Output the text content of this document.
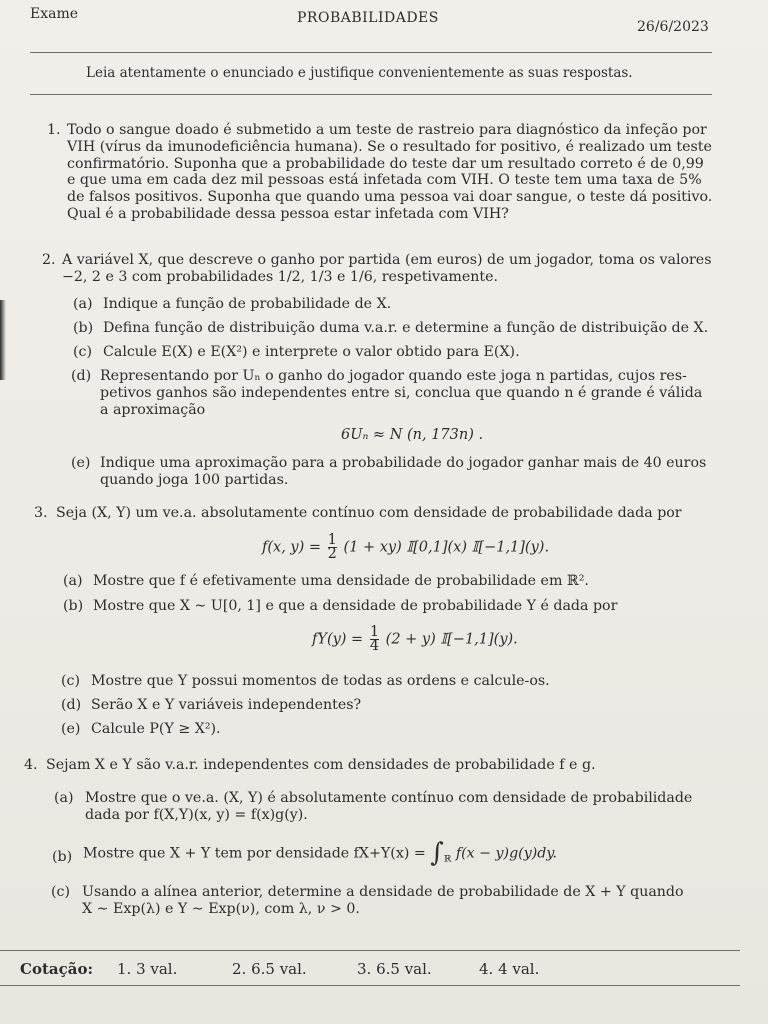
Exame	PROBABILIDADES
26/6/2023
Leia atentamente o enunciado e justifique convenientemente as suas respostas.
1. Todo o sangue doado é submetido a um teste de rastreio para diagnóstico da infeção por
VIH (vírus da imunodeficiência humana). Se o resultado for positivo, é realizado um teste
confirmatório. Suponha que a probabilidade do teste dar um resultado correto é de 0,99
e que uma em cada dez mil pessoas está infetada com VIH. O teste tem uma taxa de 5%
de falsos positivos. Suponha que quando uma pessoa vai doar sangue, o teste dá positivo.
Qual é a probabilidade dessa pessoa estar infetada com VIH?
2. A variável X, que descreve o ganho por partida (em euros) de um jogador, toma os valores
−2, 2 e 3 com probabilidades 1/2, 1/3 e 1/6, respetivamente.
(a) Indique a função de probabilidade de X.
(b) Defina função de distribuição duma v.a.r. e determine a função de distribuição de X.
(c) Calcule E(X) e E(X²) e interprete o valor obtido para E(X).
(d) Representando por Uₙ o ganho do jogador quando este joga n partidas, cujos res-
petivos ganhos são independentes entre si, conclua que quando n é grande é válida
a aproximação
6Uₙ ≈ N (n, 173n) .
(e) Indique uma aproximação para a probabilidade do jogador ganhar mais de 40 euros
quando joga 100 partidas.
3. Seja (X, Y) um ve.a. absolutamente contínuo com densidade de probabilidade dada por
f(x, $y) = \frac{1}{2} (1 + xy)$ 𝕀[0,1](x) 𝕀[−1,1](y).
(a) Mostre que f é efetivamente uma densidade de probabilidade em ℝ².
(b) Mostre que X ∼ U[0, 1] e que a densidade de probabilidade Y é dada por
$fY(y) = \frac{1}{4} (2 + y)$ 𝕀[−1,1](y).
(c) Mostre que Y possui momentos de todas as ordens e calcule-os.
(d) Serão X e Y variáveis independentes?
(e) Calcule P(Y ≥ X²).
4. Sejam X e Y são v.a.r. independentes com densidades de probabilidade f e g.
(a) Mostre que o ve.a. (X, Y) é absolutamente contínuo com densidade de probabilidade
dada por f(X,Y)(x, y) = f(x)g(y).
(b) Mostre que X + Y tem por densidade $fX+Y(x) = \int_ℝ$ f(x − y)g(y)dy.
(c) Usando a alínea anterior, determine a densidade de probabilidade de X + Y quando
X ∼ Exp(λ) e Y ∼ Exp(ν), com λ, ν > 0.
Cotação: 1. 3 val.	2. 6.5 val.	3. 6.5 val.	4. 4 val.
